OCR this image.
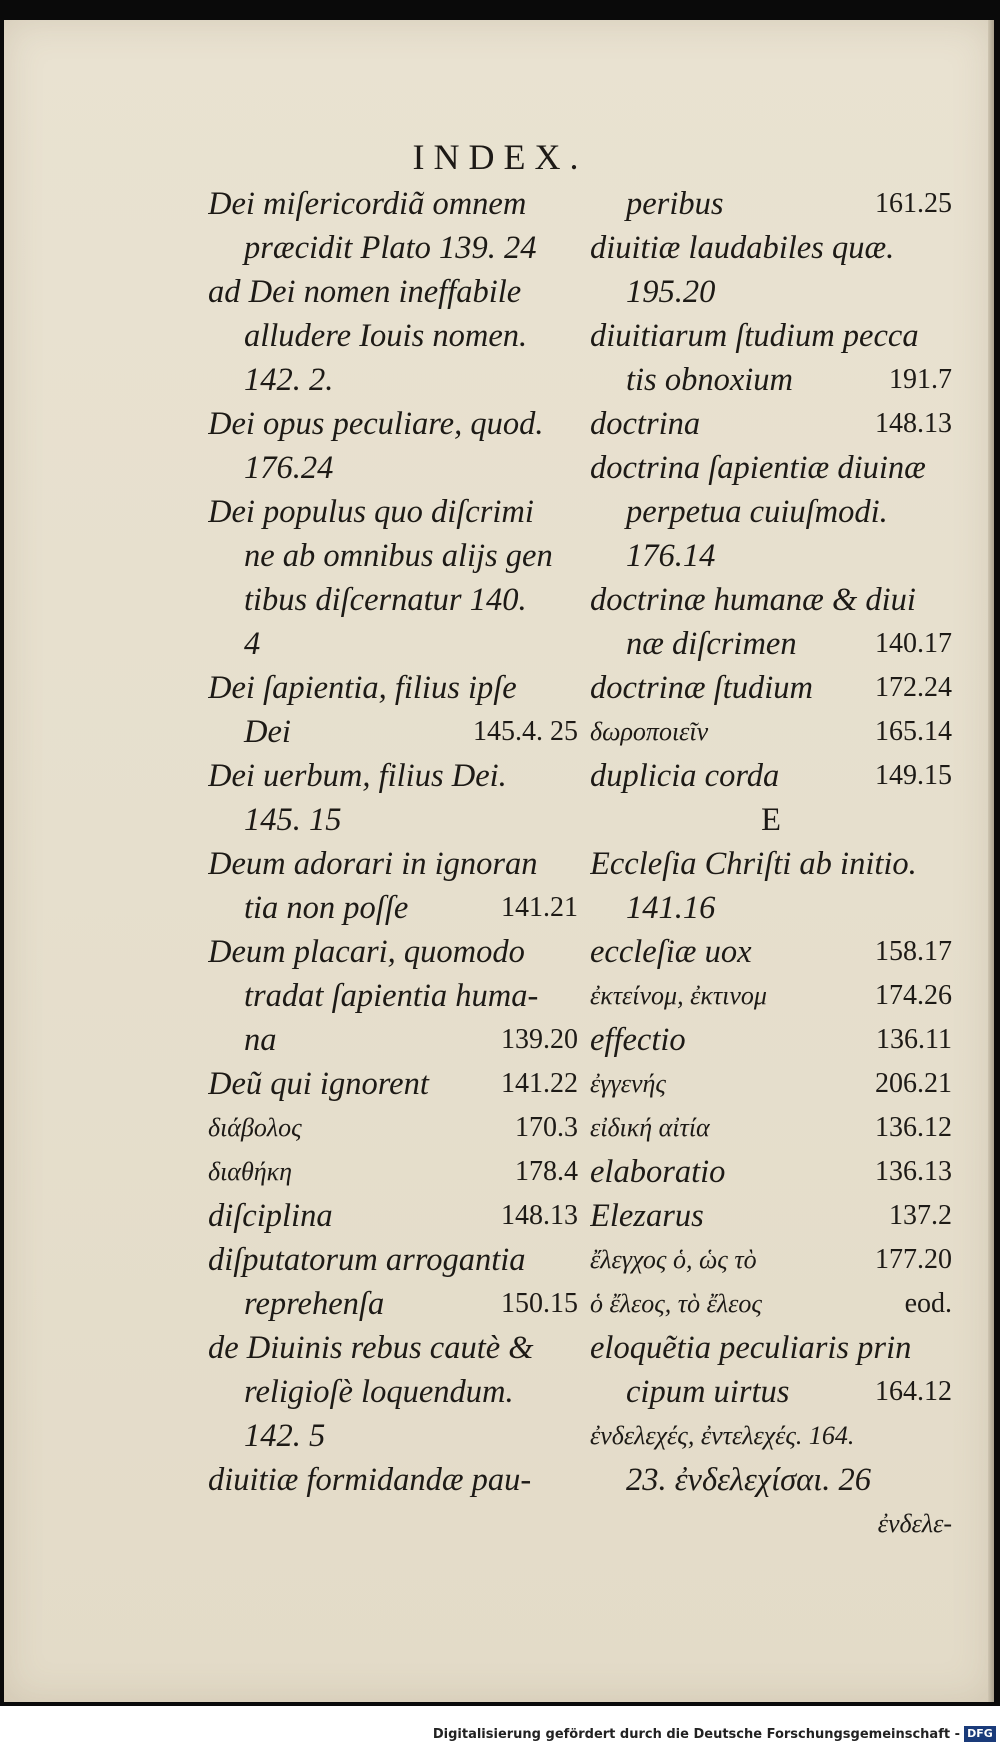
INDEX.
Dei miſericordiã omnem
præcidit Plato 139. 24
ad Dei nomen ineffabile
alludere Iouis nomen.
142. 2.
Dei opus peculiare, quod.
176.24
Dei populus quo diſcrimi
ne ab omnibus alijs gen
tibus diſcernatur 140.
4
Dei ſapientia, filius ipſe
Dei	145.4. 25
Dei uerbum, filius Dei.
145. 15
Deum adorari in ignoran
tia non poſſe	141.21
Deum placari, quomodo
tradat ſapientia huma-
na	139.20
Deũ qui ignorent	141.22
διάβολος	170.3
διαθήκη	178.4
diſciplina	148.13
diſputatorum arrogantia
reprehenſa	150.15
de Diuinis rebus cautè &
religioſè loquendum.
142. 5
diuitiæ formidandæ pau-
peribus	161.25
diuitiæ laudabiles quæ.
195.20
diuitiarum ſtudium pecca
tis obnoxium	191.7
doctrina	148.13
doctrina ſapientiæ diuinæ
perpetua cuiuſmodi.
176.14
doctrinæ humanæ & diui
næ diſcrimen	140.17
doctrinæ ſtudium 172.24
δωροποιεῖν	165.14
duplicia corda	149.15
E
Eccleſia Chriſti ab initio.
141.16
eccleſiæ uox	158.17
ἐκτείνομ, ἐκτινομ	174.26
effectio	136.11
ἐγγενής	206.21
εἰδική αἰτία	136.12
elaboratio	136.13
Elezarus	137.2
ἔλεγχος ὁ, ὡς τὸ	177.20
ὁ ἔλεος, τὸ ἔλεος	eod.
eloquẽtia peculiaris prin
cipum uirtus	164.12
ἐνδελεχές, ἐντελεχές. 164.
23. ἐνδελεχίσαι. 26
ἐνδελε-
Digitalisierung gefördert durch die Deutsche Forschungsgemeinschaft - DFG
